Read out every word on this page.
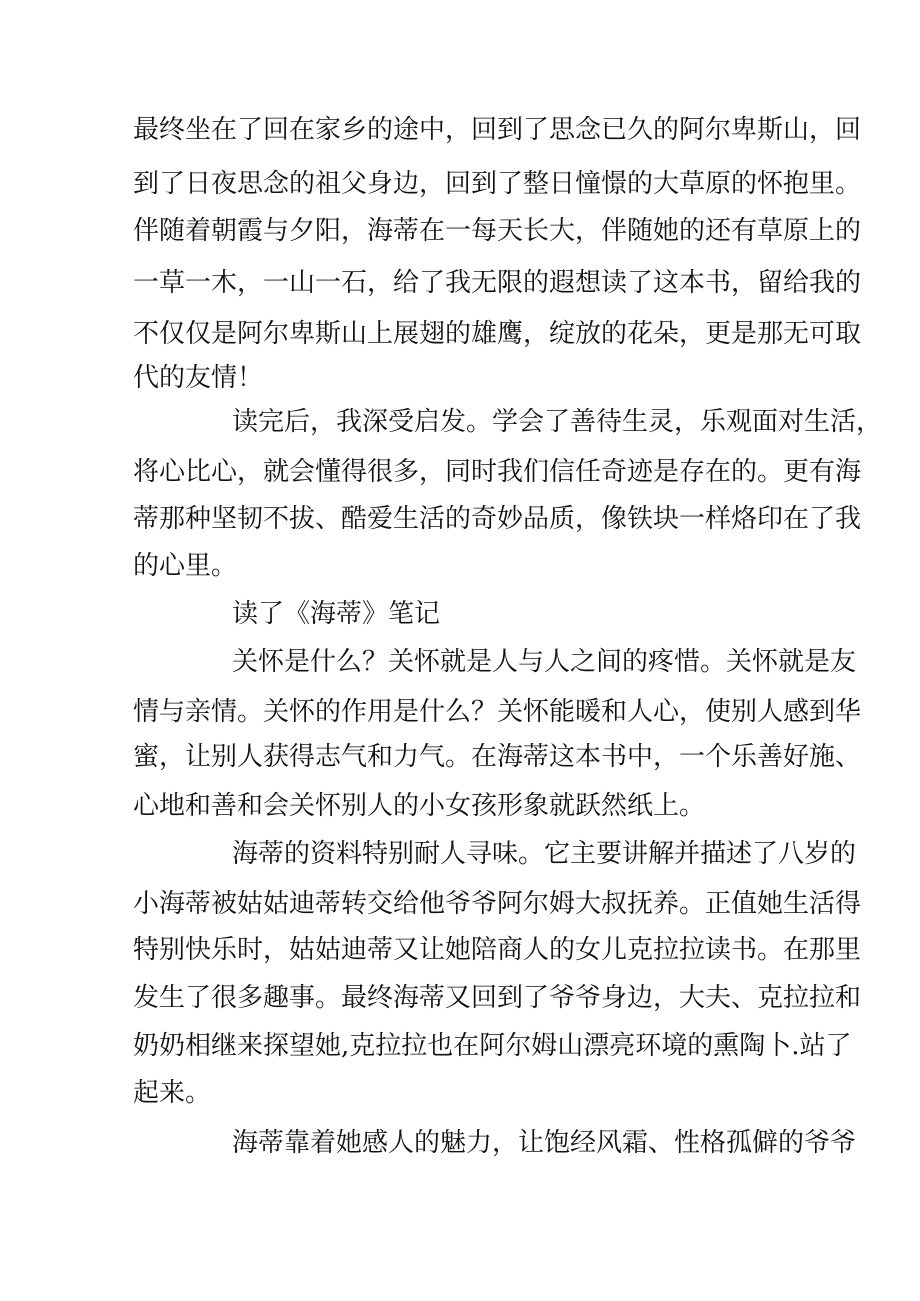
最终坐在了回在家乡的途中，回到了思念已久的阿尔卑斯山，回
到了日夜思念的祖父身边，回到了整日憧憬的大草原的怀抱里。
伴随着朝霞与夕阳，海蒂在一每天长大，伴随她的还有草原上的
一草一木，一山一石，给了我无限的遐想读了这本书，留给我的
不仅仅是阿尔卑斯山上展翅的雄鹰，绽放的花朵，更是那无可取
代的友情！
读完后，我深受启发。学会了善待生灵，乐观面对生活，
将心比心，就会懂得很多，同时我们信任奇迹是存在的。更有海
蒂那种坚韧不拔、酷爱生活的奇妙品质，像铁块一样烙印在了我
的心里。
读了《海蒂》笔记
关怀是什么？关怀就是人与人之间的疼惜。关怀就是友
情与亲情。关怀的作用是什么？关怀能暖和人心，使别人感到华
蜜，让别人获得志气和力气。在海蒂这本书中，一个乐善好施、
心地和善和会关怀别人的小女孩形象就跃然纸上。
海蒂的资料特别耐人寻味。它主要讲解并描述了八岁的
小海蒂被姑姑迪蒂转交给他爷爷阿尔姆大叔抚养。正值她生活得
特别快乐时，姑姑迪蒂又让她陪商人的女儿克拉拉读书。在那里
发生了很多趣事。最终海蒂又回到了爷爷身边，大夫、克拉拉和
奶奶相继来探望她,克拉拉也在阿尔姆山漂亮环境的熏陶卜.站了
起来。
海蒂靠着她感人的魅力，让饱经风霜、性格孤僻的爷爷
